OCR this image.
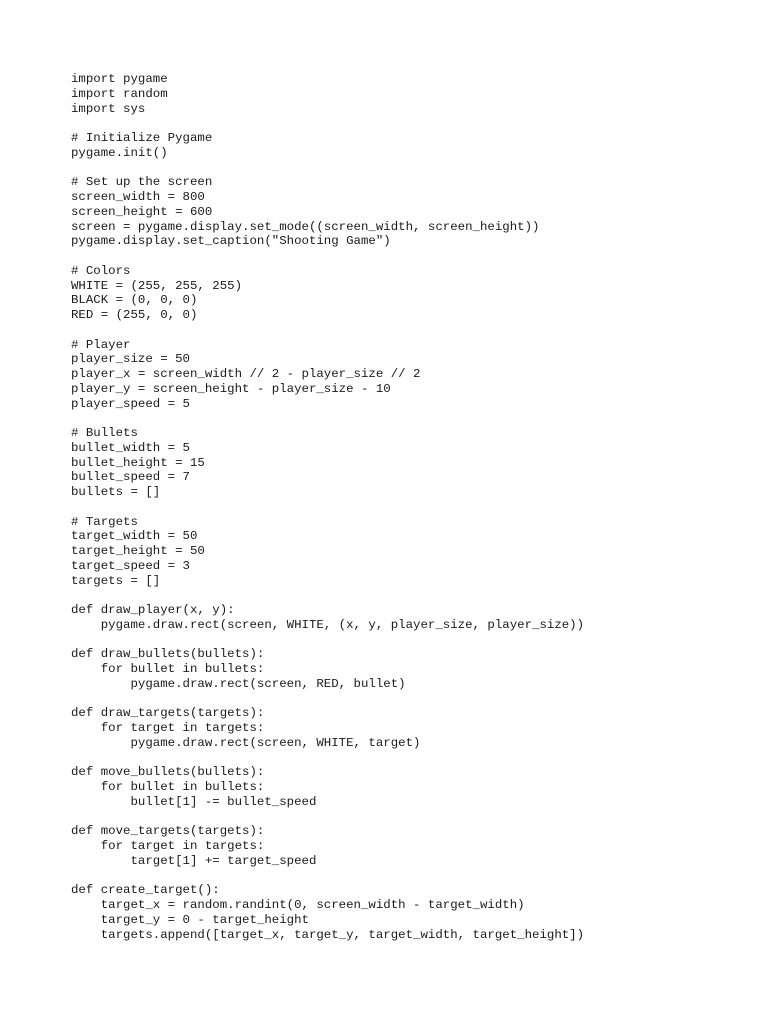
import pygame
import random
import sys
# Initialize Pygame
pygame.init()
# Set up the screen
screen_width = 800
screen_height = 600
screen = pygame.display.set_mode((screen_width, screen_height))
pygame.display.set_caption("Shooting Game")
# Colors
WHITE = (255, 255, 255)
BLACK = (0, 0, 0)
RED = (255, 0, 0)
# Player
player_size = 50
player_x = screen_width // 2 - player_size // 2
player_y = screen_height - player_size - 10
player_speed = 5
# Bullets
bullet_width = 5
bullet_height = 15
bullet_speed = 7
bullets = []
# Targets
target_width = 50
target_height = 50
target_speed = 3
targets = []
def draw_player(x, y):
pygame.draw.rect(screen, WHITE, (x, y, player_size, player_size))
def draw_bullets(bullets):
for bullet in bullets:
pygame.draw.rect(screen, RED, bullet)
def draw_targets(targets):
for target in targets:
pygame.draw.rect(screen, WHITE, target)
def move_bullets(bullets):
for bullet in bullets:
bullet[1] -= bullet_speed
def move_targets(targets):
for target in targets:
target[1] += target_speed
def create_target():
target_x = random.randint(0, screen_width - target_width)
target_y = 0 - target_height
targets.append([target_x, target_y, target_width, target_height])
